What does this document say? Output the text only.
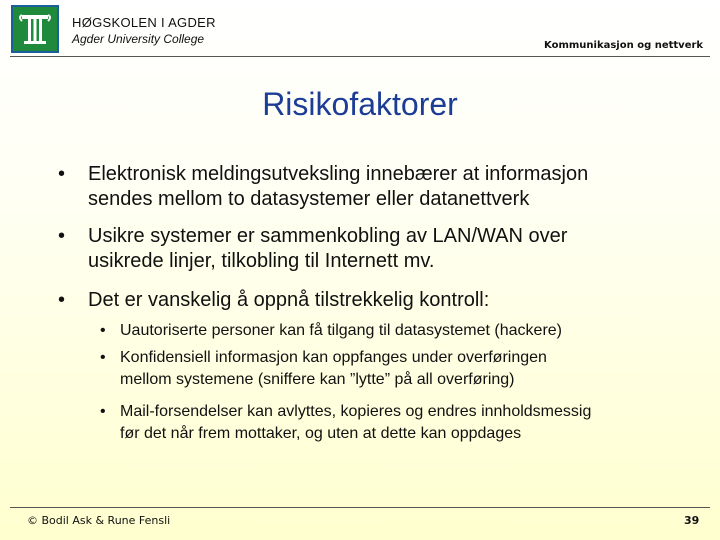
HØGSKOLEN I AGDER
Agder University College	Kommunikasjon og nettverk
Risikofaktorer
• Elektronisk meldingsutveksling innebærer at informasjon
sendes mellom to datasystemer eller datanettverk
• Usikre systemer er sammenkobling av LAN/WAN over
usikrede linjer, tilkobling til Internett mv.
• Det er vanskelig å oppnå tilstrekkelig kontroll:
• Uautoriserte personer kan få tilgang til datasystemet (hackere)
• Konfidensiell informasjon kan oppfanges under overføringen
mellom systemene (sniffere kan ”lytte” på all overføring)
• Mail-forsendelser kan avlyttes, kopieres og endres innholdsmessig
før det når frem mottaker, og uten at dette kan oppdages
© Bodil Ask & Rune Fensli	39
